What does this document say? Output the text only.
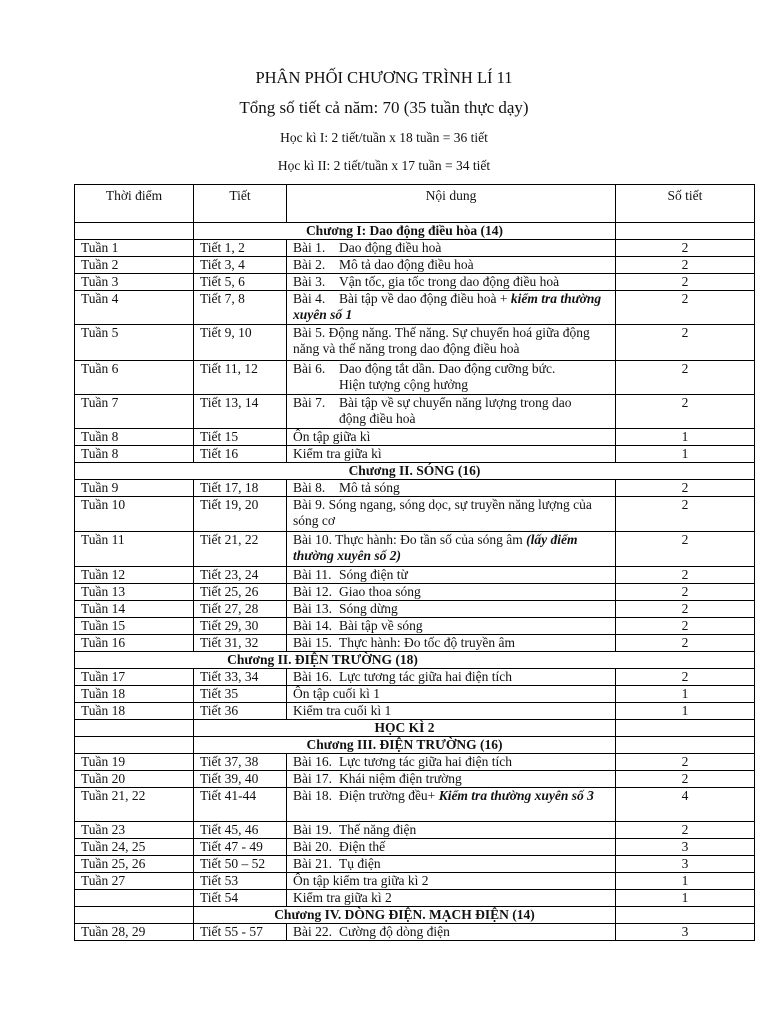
PHÂN PHỐI CHƯƠNG TRÌNH LÍ 11
Tổng số tiết cả năm: 70 (35 tuần thực dạy)
Học kì I: 2 tiết/tuần x 18 tuần = 36 tiết
Học kì II: 2 tiết/tuần x 17 tuần = 34 tiết
Thời điểm	Tiết	Nội dung	Số tiết
	Chương I: Dao động điều hòa (14)		
Tuần 1	Tiết 1, 2	Bài 1. Dao động điều hoà	2
Tuần 2	Tiết 3, 4	Bài 2. Mô tả dao động điều hoà	2
Tuần 3	Tiết 5, 6	Bài 3. Vận tốc, gia tốc trong dao động điều hoà	2
Tuần 4	Tiết 7, 8	Bài 4. Bài tập về dao động điều hoà + kiểm tra thường xuyên số 1	2
Tuần 5	Tiết 9, 10	Bài 5. Động năng. Thế năng. Sự chuyển hoá giữa động năng và thế năng trong dao động điều hoà	2
Tuần 6	Tiết 11, 12	Bài 6. Dao động tắt dần. Dao động cưỡng bức.
Hiện tượng cộng hưởng	2
Tuần 7	Tiết 13, 14	Bài 7. Bài tập về sự chuyển năng lượng trong dao
động điều hoà	2
Tuần 8	Tiết 15	Ôn tập giữa kì	1
Tuần 8	Tiết 16	Kiểm tra giữa kì	1
Chương II. SÓNG (16)			
Tuần 9	Tiết 17, 18	Bài 8. Mô tả sóng	2
Tuần 10	Tiết 19, 20	Bài 9. Sóng ngang, sóng dọc, sự truyền năng lượng của sóng cơ	2
Tuần 11	Tiết 21, 22	Bài 10. Thực hành: Đo tần số của sóng âm (lấy điểm thường xuyên số 2)	2
Tuần 12	Tiết 23, 24	Bài 11. Sóng điện từ	2
Tuần 13	Tiết 25, 26	Bài 12. Giao thoa sóng	2
Tuần 14	Tiết 27, 28	Bài 13. Sóng dừng	2
Tuần 15	Tiết 29, 30	Bài 14. Bài tập về sóng	2
Tuần 16	Tiết 31, 32	Bài 15. Thực hành: Đo tốc độ truyền âm	2
Chương II. ĐIỆN TRƯỜNG (18)			
Tuần 17	Tiết 33, 34	Bài 16. Lực tương tác giữa hai điện tích	2
Tuần 18	Tiết 35	Ôn tập cuối kì 1	1
Tuần 18	Tiết 36	Kiểm tra cuối kì 1	1
	HỌC KÌ 2		
	Chương III. ĐIỆN TRƯỜNG (16)		
Tuần 19	Tiết 37, 38	Bài 16. Lực tương tác giữa hai điện tích	2
Tuần 20	Tiết 39, 40	Bài 17. Khái niệm điện trường	2
Tuần 21, 22	Tiết 41-44	Bài 18. Điện trường đều+ Kiểm tra thường xuyên số 3	4
Tuần 23	Tiết 45, 46	Bài 19. Thế năng điện	2
Tuần 24, 25	Tiết 47 - 49	Bài 20. Điện thế	3
Tuần 25, 26	Tiết 50 – 52	Bài 21. Tụ điện	3
Tuần 27	Tiết 53	Ôn tập kiểm tra giữa kì 2	1
	Tiết 54	Kiểm tra giữa kì 2	1
	Chương IV. DÒNG ĐIỆN. MẠCH ĐIỆN (14)		
Tuần 28, 29	Tiết 55 - 57	Bài 22. Cường độ dòng điện	3
